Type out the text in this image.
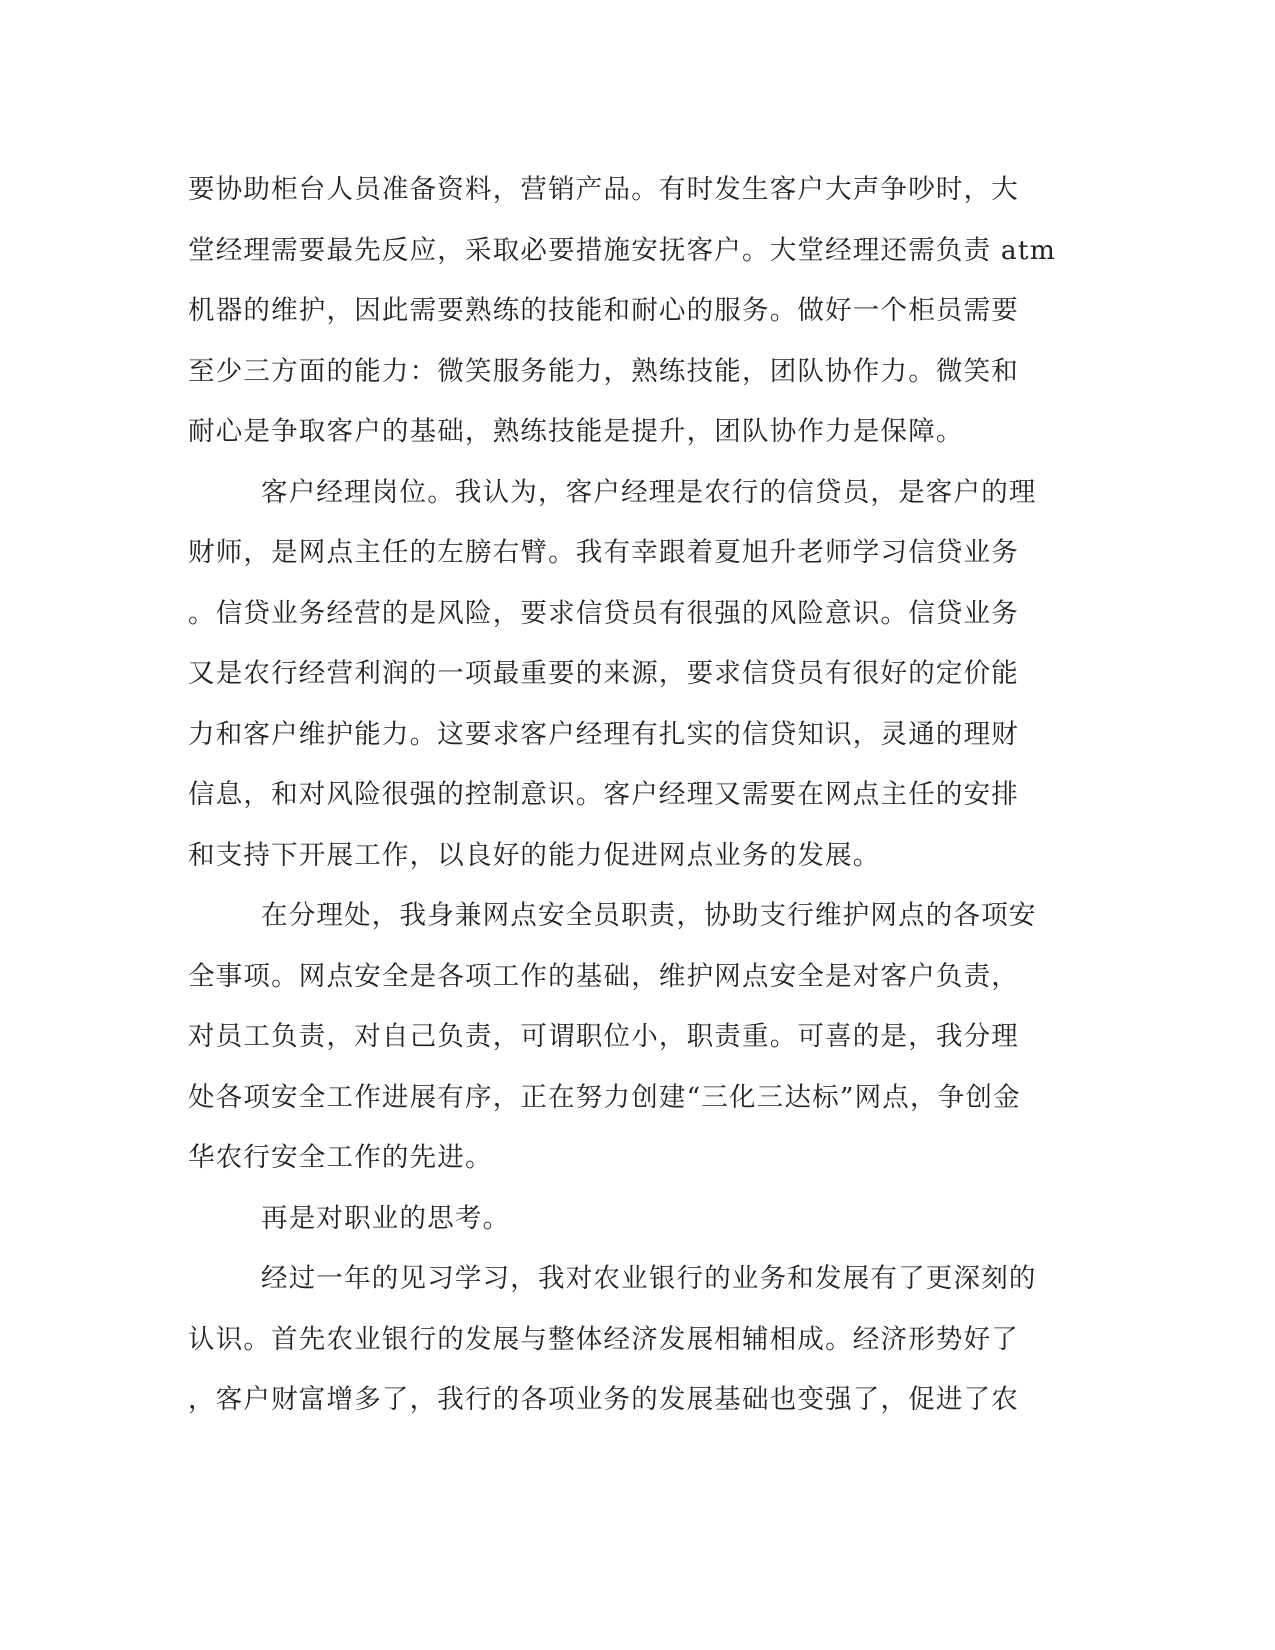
要协助柜台人员准备资料，营销产品。有时发生客户大声争吵时，大
堂经理需要最先反应，采取必要措施安抚客户。大堂经理还需负责 atm
机器的维护，因此需要熟练的技能和耐心的服务。做好一个柜员需要
至少三方面的能力：微笑服务能力，熟练技能，团队协作力。微笑和
耐心是争取客户的基础，熟练技能是提升，团队协作力是保障。
客户经理岗位。我认为，客户经理是农行的信贷员，是客户的理
财师，是网点主任的左膀右臂。我有幸跟着夏旭升老师学习信贷业务
。信贷业务经营的是风险，要求信贷员有很强的风险意识。信贷业务
又是农行经营利润的一项最重要的来源，要求信贷员有很好的定价能
力和客户维护能力。这要求客户经理有扎实的信贷知识，灵通的理财
信息，和对风险很强的控制意识。客户经理又需要在网点主任的安排
和支持下开展工作，以良好的能力促进网点业务的发展。
在分理处，我身兼网点安全员职责，协助支行维护网点的各项安
全事项。网点安全是各项工作的基础，维护网点安全是对客户负责，
对员工负责，对自己负责，可谓职位小，职责重。可喜的是，我分理
处各项安全工作进展有序，正在努力创建“三化三达标”网点，争创金
华农行安全工作的先进。
再是对职业的思考。
经过一年的见习学习，我对农业银行的业务和发展有了更深刻的
认识。首先农业银行的发展与整体经济发展相辅相成。经济形势好了
，客户财富增多了，我行的各项业务的发展基础也变强了，促进了农
